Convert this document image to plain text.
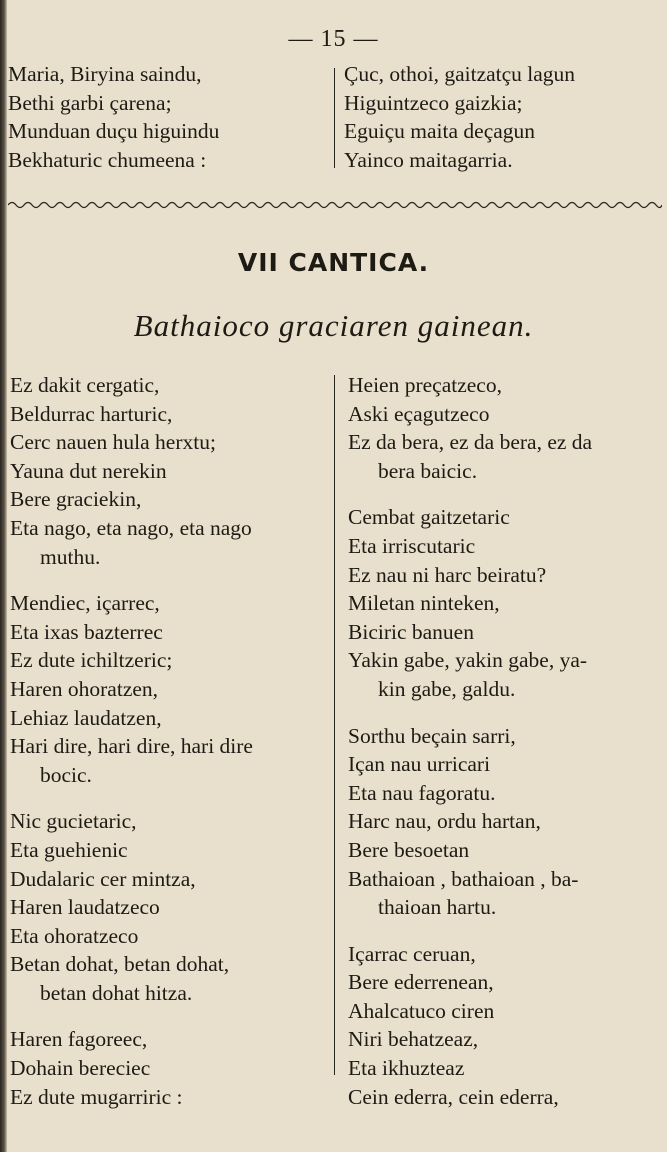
— 15 —
Maria, Biryina saindu,
Bethi garbi çarena;
Munduan duçu higuindu
Bekhaturic chumeena :
Çuc, othoi, gaitzatçu lagun
Higuintzeco gaizkia;
Eguiçu maita deçagun
Yainco maitagarria.
VII CANTICA.
Bathaioco graciaren gainean.
Ez dakit cergatic,
Beldurrac harturic,
Cerc nauen hula herxtu;
Yauna dut nerekin
Bere graciekin,
Eta nago, eta nago, eta nago
muthu.
Mendiec, içarrec,
Eta ixas bazterrec
Ez dute ichiltzeric;
Haren ohoratzen,
Lehiaz laudatzen,
Hari dire, hari dire, hari dire
bocic.
Nic gucietaric,
Eta guehienic
Dudalaric cer mintza,
Haren laudatzeco
Eta ohoratzeco
Betan dohat, betan dohat,
betan dohat hitza.
Haren fagoreec,
Dohain bereciec
Ez dute mugarriric :
Heien preçatzeco,
Aski eçagutzeco
Ez da bera, ez da bera, ez da
bera baicic.
Cembat gaitzetaric
Eta irriscutaric
Ez nau ni harc beiratu?
Miletan ninteken,
Biciric banuen
Yakin gabe, yakin gabe, ya-
kin gabe, galdu.
Sorthu beçain sarri,
Içan nau urricari
Eta nau fagoratu.
Harc nau, ordu hartan,
Bere besoetan
Bathaioan , bathaioan , ba-
thaioan hartu.
Içarrac ceruan,
Bere ederrenean,
Ahalcatuco ciren
Niri behatzeaz,
Eta ikhuzteaz
Cein ederra, cein ederra,
